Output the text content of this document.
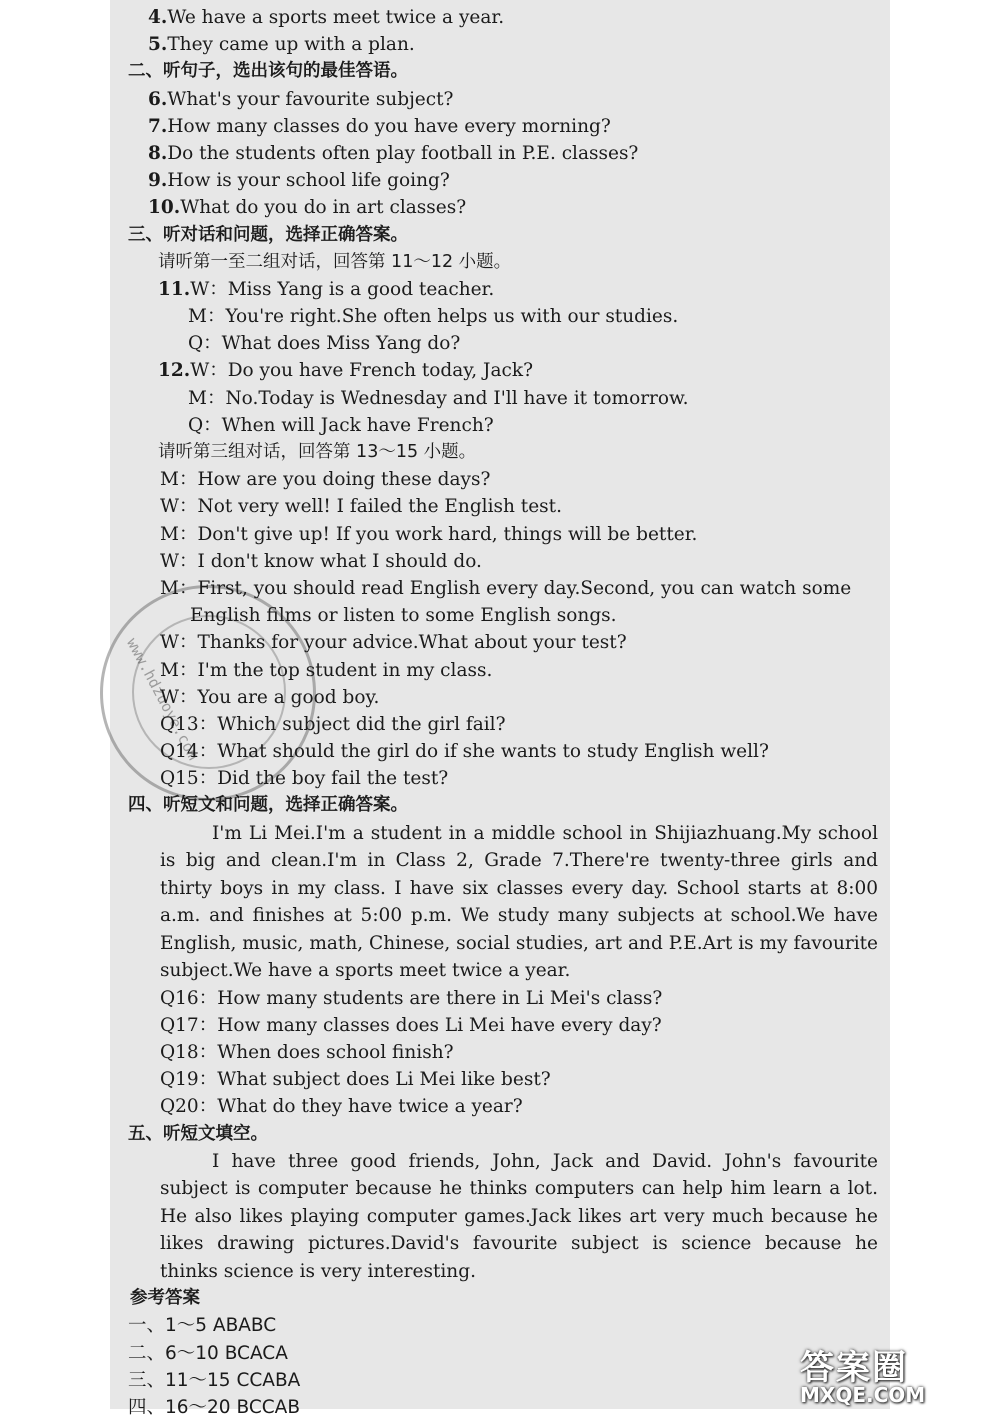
www.hdzuoye.com
4.We have a sports meet twice a year.
5.They came up with a plan.
二、听句子，选出该句的最佳答语。
6.What's your favourite subject?
7.How many classes do you have every morning?
8.Do the students often play football in P.E. classes?
9.How is your school life going?
10.What do you do in art classes?
三、听对话和问题，选择正确答案。
请听第一至二组对话，回答第 11～12 小题。
11.W：Miss Yang is a good teacher.
M：You're right.She often helps us with our studies.
Q：What does Miss Yang do?
12.W：Do you have French today, Jack?
M：No.Today is Wednesday and I'll have it tomorrow.
Q：When will Jack have French?
请听第三组对话，回答第 13～15 小题。
M：How are you doing these days?
W：Not very well! I failed the English test.
M：Don't give up! If you work hard, things will be better.
W：I don't know what I should do.
M：First, you should read English every day.Second, you can watch some
English films or listen to some English songs.
W：Thanks for your advice.What about your test?
M：I'm the top student in my class.
W：You are a good boy.
Q13：Which subject did the girl fail?
Q14：What should the girl do if she wants to study English well?
Q15：Did the boy fail the test?
四、听短文和问题，选择正确答案。
I'm Li Mei.I'm a student in a middle school in Shijiazhuang.My school is big and clean.I'm in Class 2, Grade 7.There're twenty-three girls and thirty boys in my class. I have six classes every day. School starts at 8:00 a.m. and finishes at 5:00 p.m. We study many subjects at school.We have English, music, math, Chinese, social studies, art and P.E.Art is my favourite subject.We have a sports meet twice a year.
Q16：How many students are there in Li Mei's class?
Q17：How many classes does Li Mei have every day?
Q18：When does school finish?
Q19：What subject does Li Mei like best?
Q20：What do they have twice a year?
五、听短文填空。
I have three good friends, John, Jack and David. John's favourite subject is computer because he thinks computers can help him learn a lot. He also likes playing computer games.Jack likes art very much because he likes drawing pictures.David's favourite subject is science because he thinks science is very interesting.
参考答案
一、1～5 ABABC
二、6～10 BCACA
三、11～15 CCABA
四、16～20 BCCAB
答案圈
MXQE.COM
